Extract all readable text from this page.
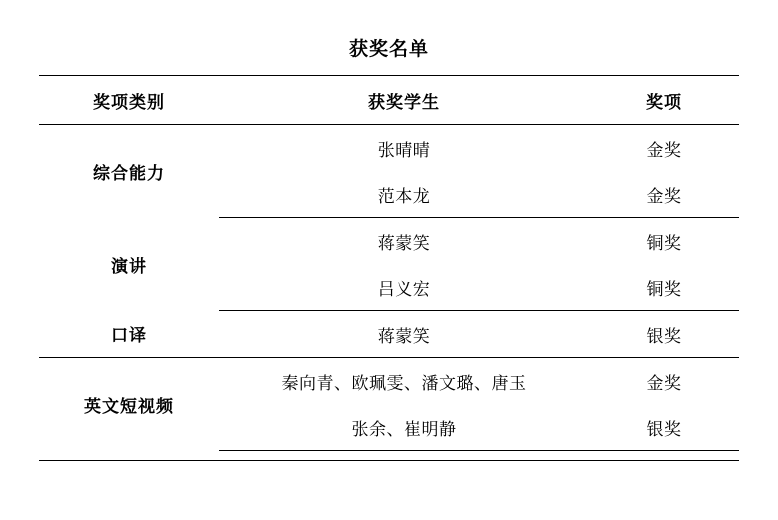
获奖名单
奖项类别	获奖学生	奖项
综合能力	张晴晴	金奖
	范本龙	金奖
演讲	蒋蒙笑	铜奖
	吕义宏	铜奖
口译	蒋蒙笑	银奖
英文短视频	秦向青、欧珮雯、潘文璐、唐玉	金奖
	张余、崔明静	银奖
